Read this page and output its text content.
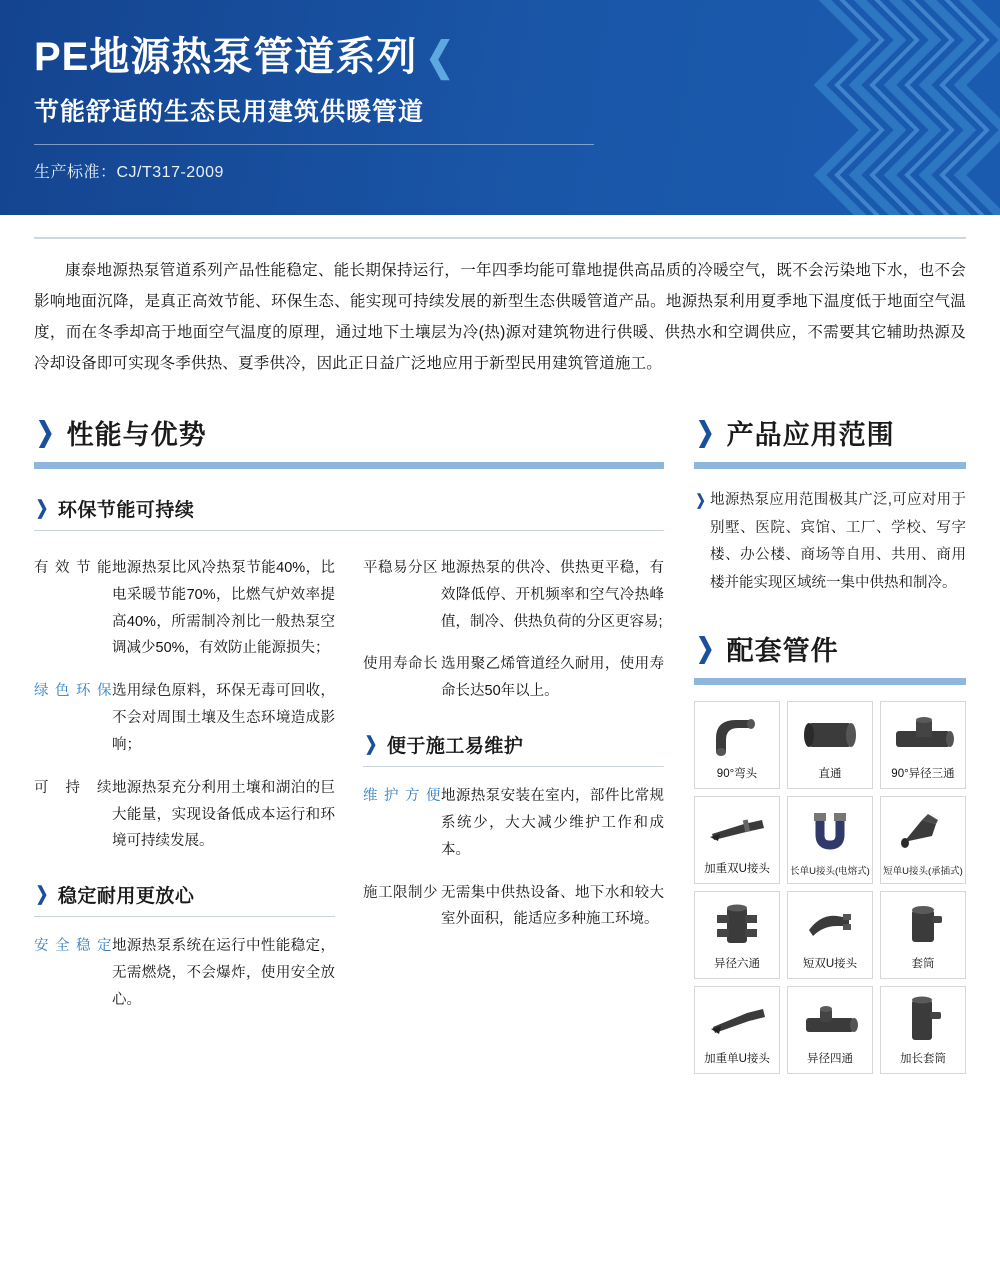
PE地源热泵管道系列 ❮
节能舒适的生态民用建筑供暖管道
生产标准：CJ/T317-2009

康泰地源热泵管道系列产品性能稳定、能长期保持运行，一年四季均能可靠地提供高品质的冷暖空气，既不会污染地下水，也不会影响地面沉降，是真正高效节能、环保生态、能实现可持续发展的新型生态供暖管道产品。地源热泵利用夏季地下温度低于地面空气温度，而在冬季却高于地面空气温度的原理，通过地下土壤层为冷(热)源对建筑物进行供暖、供热水和空调供应，不需要其它辅助热源及冷却设备即可实现冬季供热、夏季供冷，因此正日益广泛地应用于新型民用建筑管道施工。

❯ 性能与优势
❯ 环保节能可持续
有效节能 地源热泵比风冷热泵节能40%，比电采暖节能70%，比燃气炉效率提高40%，所需制冷剂比一般热泵空调减少50%，有效防止能源损失；
绿色环保 选用绿色原料，环保无毒可回收，不会对周围土壤及生态环境造成影响；
可持续 地源热泵充分利用土壤和湖泊的巨大能量，实现设备低成本运行和环境可持续发展。
❯ 稳定耐用更放心
安全稳定 地源热泵系统在运行中性能稳定，无需燃烧，不会爆炸，使用安全放心。
平稳易分区 地源热泵的供冷、供热更平稳，有效降低停、开机频率和空气冷热峰值，制冷、供热负荷的分区更容易;
使用寿命长 选用聚乙烯管道经久耐用，使用寿命长达50年以上。
❯ 便于施工易维护
维护方便 地源热泵安装在室内，部件比常规系统少，大大减少维护工作和成本。
施工限制少 无需集中供热设备、地下水和较大室外面积，能适应多种施工环境。
❯ 产品应用范围
❯ 地源热泵应用范围极其广泛,可应对用于别墅、医院、宾馆、工厂、学校、写字楼、办公楼、商场等自用、共用、商用楼并能实现区域统一集中供热和制冷。
❯ 配套管件
90°弯头	直通	90°异径三通
加重双U接头 长单U接头(电熔式) 短单U接头(承插式)
异径六通	短双U接头	套筒
加重单U接头	异径四通	加长套筒
